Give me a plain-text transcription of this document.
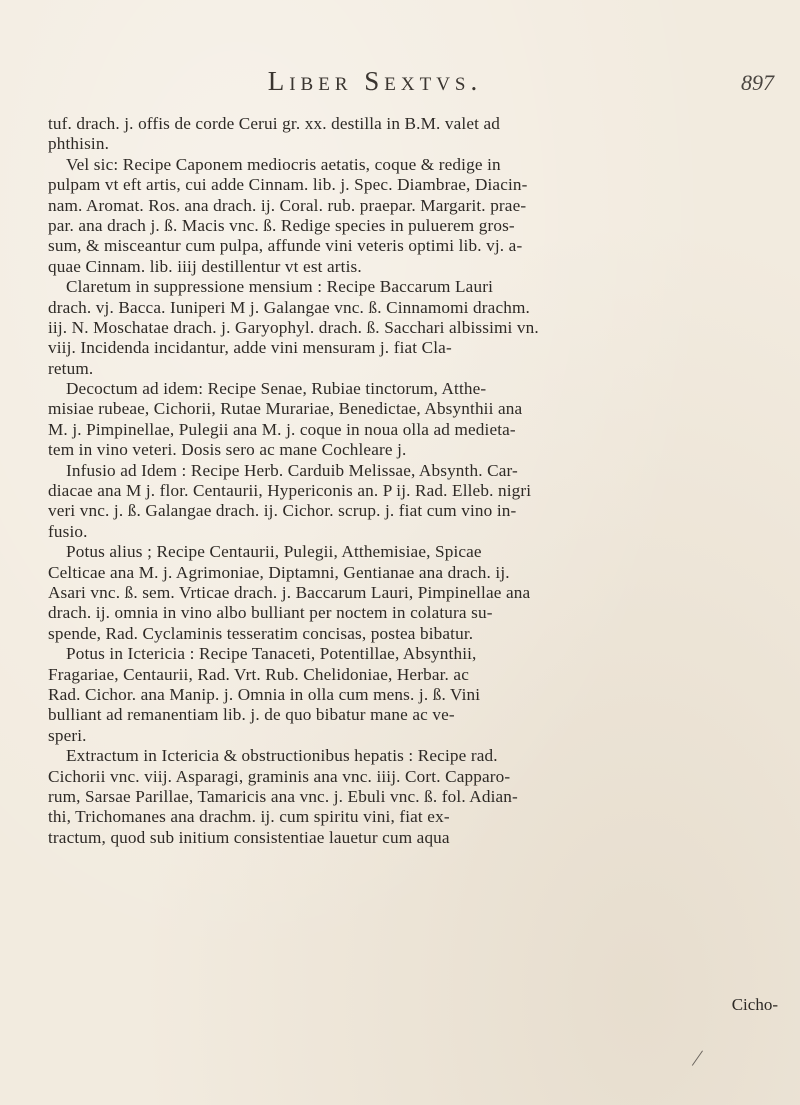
Liber Sextvs.	897
tuf. drach. j. offis de corde Cerui gr. xx. destilla in B.M. valet ad
phthisin.
Vel sic: Recipe Caponem mediocris aetatis, coque & redige in
pulpam vt eft artis, cui adde Cinnam. lib. j. Spec. Diambrae, Diacin-
nam. Aromat. Ros. ana drach. ij. Coral. rub. praepar. Margarit. prae-
par. ana drach j. ß. Macis vnc. ß. Redige species in puluerem gros-
sum, & misceantur cum pulpa, affunde vini veteris optimi lib. vj. a-
quae Cinnam. lib. iiij destillentur vt est artis.
Claretum in suppressione mensium : Recipe Baccarum Lauri
drach. vj. Bacca. Iuniperi M j. Galangae vnc. ß. Cinnamomi drachm.
iij. N. Moschatae drach. j. Garyophyl. drach. ß. Sacchari albissimi vn.
viij. Incidenda incidantur, adde vini mensuram j. fiat Cla-
retum.
Decoctum ad idem: Recipe Senae, Rubiae tinctorum, Atthe-
misiae rubeae, Cichorii, Rutae Murariae, Benedictae, Absynthii ana
M. j. Pimpinellae, Pulegii ana M. j. coque in noua olla ad medieta-
tem in vino veteri. Dosis sero ac mane Cochleare j.
Infusio ad Idem : Recipe Herb. Carduib Melissae, Absynth. Car-
diacae ana M j. flor. Centaurii, Hypericonis an. P ij. Rad. Elleb. nigri
veri vnc. j. ß. Galangae drach. ij. Cichor. scrup. j. fiat cum vino in-
fusio.
Potus alius ; Recipe Centaurii, Pulegii, Atthemisiae, Spicae
Celticae ana M. j. Agrimoniae, Diptamni, Gentianae ana drach. ij.
Asari vnc. ß. sem. Vrticae drach. j. Baccarum Lauri, Pimpinellae ana
drach. ij. omnia in vino albo bulliant per noctem in colatura su-
spende, Rad. Cyclaminis tesseratim concisas, postea bibatur.
Potus in Ictericia : Recipe Tanaceti, Potentillae, Absynthii,
Fragariae, Centaurii, Rad. Vrt. Rub. Chelidoniae, Herbar. ac
Rad. Cichor. ana Manip. j. Omnia in olla cum mens. j. ß. Vini
bulliant ad remanentiam lib. j. de quo bibatur mane ac ve-
speri.
Extractum in Ictericia & obstructionibus hepatis : Recipe rad.
Cichorii vnc. viij. Asparagi, graminis ana vnc. iiij. Cort. Capparo-
rum, Sarsae Parillae, Tamaricis ana vnc. j. Ebuli vnc. ß. fol. Adian-
thi, Trichomanes ana drachm. ij. cum spiritu vini, fiat ex-
tractum, quod sub initium consistentiae lauetur cum aqua
Cicho-
